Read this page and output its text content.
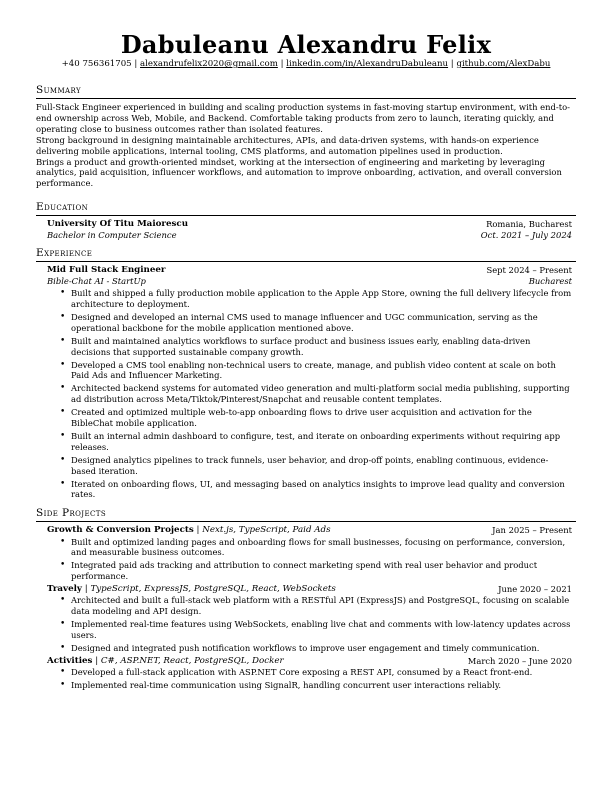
Dabuleanu Alexandru Felix
+40 756361705 | alexandrufelix2020@gmail.com | linkedin.com/in/AlexandruDabuleanu | github.com/AlexDabu
Summary

Full-Stack Engineer experienced in building and scaling production systems in fast-moving startup environment, with end-to-end ownership across Web, Mobile, and Backend. Comfortable taking products from zero to launch, iterating quickly, and operating close to business outcomes rather than isolated features.

Strong background in designing maintainable architectures, APIs, and data-driven systems, with hands-on experience delivering mobile applications, internal tooling, CMS platforms, and automation pipelines used in production.

Brings a product and growth-oriented mindset, working at the intersection of engineering and marketing by leveraging analytics, paid acquisition, influencer workflows, and automation to improve onboarding, activation, and overall conversion performance.

Education
University Of Titu Maiorescu	Romania, Bucharest
Bachelor in Computer Science	Oct. 2021 – July 2024
Experience
Mid Full Stack Engineer	Sept 2024 – Present
Bible-Chat AI - StartUp	Bucharest
• Built and shipped a fully production mobile application to the Apple App Store, owning the full delivery lifecycle from architecture to deployment.
• Designed and developed an internal CMS used to manage influencer and UGC communication, serving as the operational backbone for the mobile application mentioned above.
• Built and maintained analytics workflows to surface product and business issues early, enabling data-driven decisions that supported sustainable company growth.
• Developed a CMS tool enabling non-technical users to create, manage, and publish video content at scale on both Paid Ads and Influencer Marketing.
• Architected backend systems for automated video generation and multi-platform social media publishing, supporting ad distribution across Meta/Tiktok/Pinterest/Snapchat and reusable content templates.
• Created and optimized multiple web-to-app onboarding flows to drive user acquisition and activation for the BibleChat mobile application.
• Built an internal admin dashboard to configure, test, and iterate on onboarding experiments without requiring app releases.
• Designed analytics pipelines to track funnels, user behavior, and drop-off points, enabling continuous, evidence-based iteration.
• Iterated on onboarding flows, UI, and messaging based on analytics insights to improve lead quality and conversion rates.
Side Projects
Growth & Conversion Projects | Next.js, TypeScript, Paid Ads	Jan 2025 – Present
• Built and optimized landing pages and onboarding flows for small businesses, focusing on performance, conversion, and measurable business outcomes.
• Integrated paid ads tracking and attribution to connect marketing spend with real user behavior and product performance.
Travely | TypeScript, ExpressJS, PostgreSQL, React, WebSockets	June 2020 – 2021
• Architected and built a full-stack web platform with a RESTful API (ExpressJS) and PostgreSQL, focusing on scalable data modeling and API design.
• Implemented real-time features using WebSockets, enabling live chat and comments with low-latency updates across users.
• Designed and integrated push notification workflows to improve user engagement and timely communication.
Activities | C#, ASP.NET, React, PostgreSQL, Docker	March 2020 – June 2020
• Developed a full-stack application with ASP.NET Core exposing a REST API, consumed by a React front-end.
• Implemented real-time communication using SignalR, handling concurrent user interactions reliably.
